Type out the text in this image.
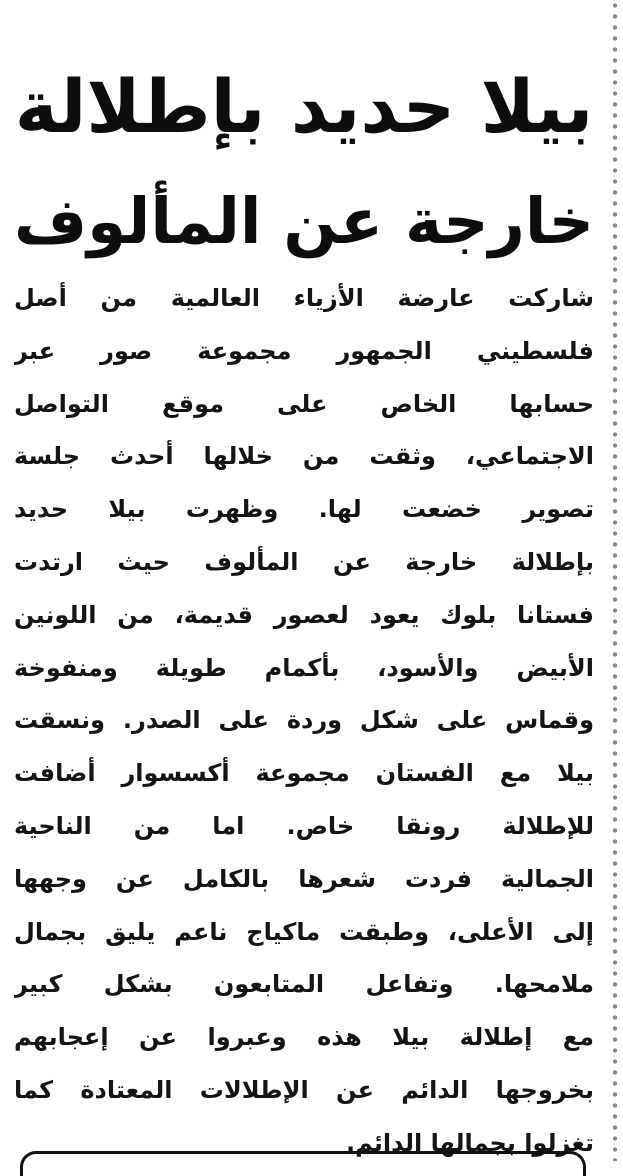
بيلا حديد بإطلالة
خارجة عن المألوف
شاركت عارضة الأزياء العالمية من أصل
فلسطيني الجمهور مجموعة صور عبر
حسابها الخاص على موقع التواصل
الاجتماعي، وثقت من خلالها أحدث جلسة
تصوير خضعت لها. وظهرت بيلا حديد
بإطلالة خارجة عن المألوف حيث ارتدت
فستانا بلوك يعود لعصور قديمة، من اللونين
الأبيض والأسود، بأكمام طويلة ومنفوخة
وقماس على شكل وردة على الصدر. ونسقت
بيلا مع الفستان مجموعة أكسسوار أضافت
للإطلالة رونقا خاص. اما من الناحية
الجمالية فردت شعرها بالكامل عن وجهها
إلى الأعلى، وطبقت ماكياج ناعم يليق بجمال
ملامحها. وتفاعل المتابعون بشكل كبير
مع إطلالة بيلا هذه وعبروا عن إعجابهم
بخروجها الدائم عن الإطلالات المعتادة كما
تغزلوا بجمالها الدائم.
